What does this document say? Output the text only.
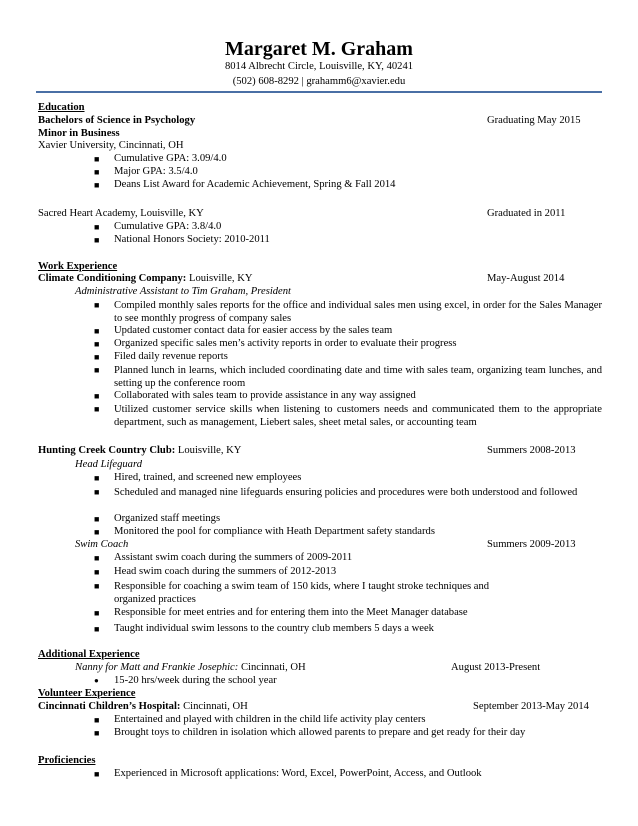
Margaret M. Graham
8014 Albrecht Circle, Louisville, KY, 40241
(502) 608-8292 | grahamm6@xavier.edu
Education
Bachelors of Science in Psychology	Graduating May 2015
Minor in Business
Xavier University, Cincinnati, OH
■ Cumulative GPA: 3.09/4.0
■ Major GPA: 3.5/4.0
■ Deans List Award for Academic Achievement, Spring & Fall 2014
Sacred Heart Academy, Louisville, KY	Graduated in 2011
■ Cumulative GPA: 3.8/4.0
■ National Honors Society: 2010-2011
Work Experience
Climate Conditioning Company: Louisville, KY	May-August 2014
Administrative Assistant to Tim Graham, President
■ Compiled monthly sales reports for the office and individual sales men using excel, in order for the Sales Manager to see monthly progress of company sales
■ Updated customer contact data for easier access by the sales team
■ Organized specific sales men’s activity reports in order to evaluate their progress
■ Filed daily revenue reports
■ Planned lunch in learns, which included coordinating date and time with sales team, organizing team lunches, and setting up the conference room
■ Collaborated with sales team to provide assistance in any way assigned
■ Utilized customer service skills when listening to customers needs and communicated them to the appropriate department, such as management, Liebert sales, sheet metal sales, or accounting team
Hunting Creek Country Club: Louisville, KY	Summers 2008-2013
Head Lifeguard
■ Hired, trained, and screened new employees
■ Scheduled and managed nine lifeguards ensuring policies and procedures were both understood and followed
■ Organized staff meetings
■ Monitored the pool for compliance with Heath Department safety standards
Swim Coach	Summers 2009-2013
■ Assistant swim coach during the summers of 2009-2011
■ Head swim coach during the summers of 2012-2013
■ Responsible for coaching a swim team of 150 kids, where I taught stroke techniques and organized practices
■ Responsible for meet entries and for entering them into the Meet Manager database
■ Taught individual swim lessons to the country club members 5 days a week
Additional Experience
Nanny for Matt and Frankie Josephic: Cincinnati, OH	August 2013-Present
● 15-20 hrs/week during the school year
Volunteer Experience
Cincinnati Children’s Hospital: Cincinnati, OH	September 2013-May 2014
■ Entertained and played with children in the child life activity play centers
■ Brought toys to children in isolation which allowed parents to prepare and get ready for their day
Proficiencies
■ Experienced in Microsoft applications: Word, Excel, PowerPoint, Access, and Outlook
